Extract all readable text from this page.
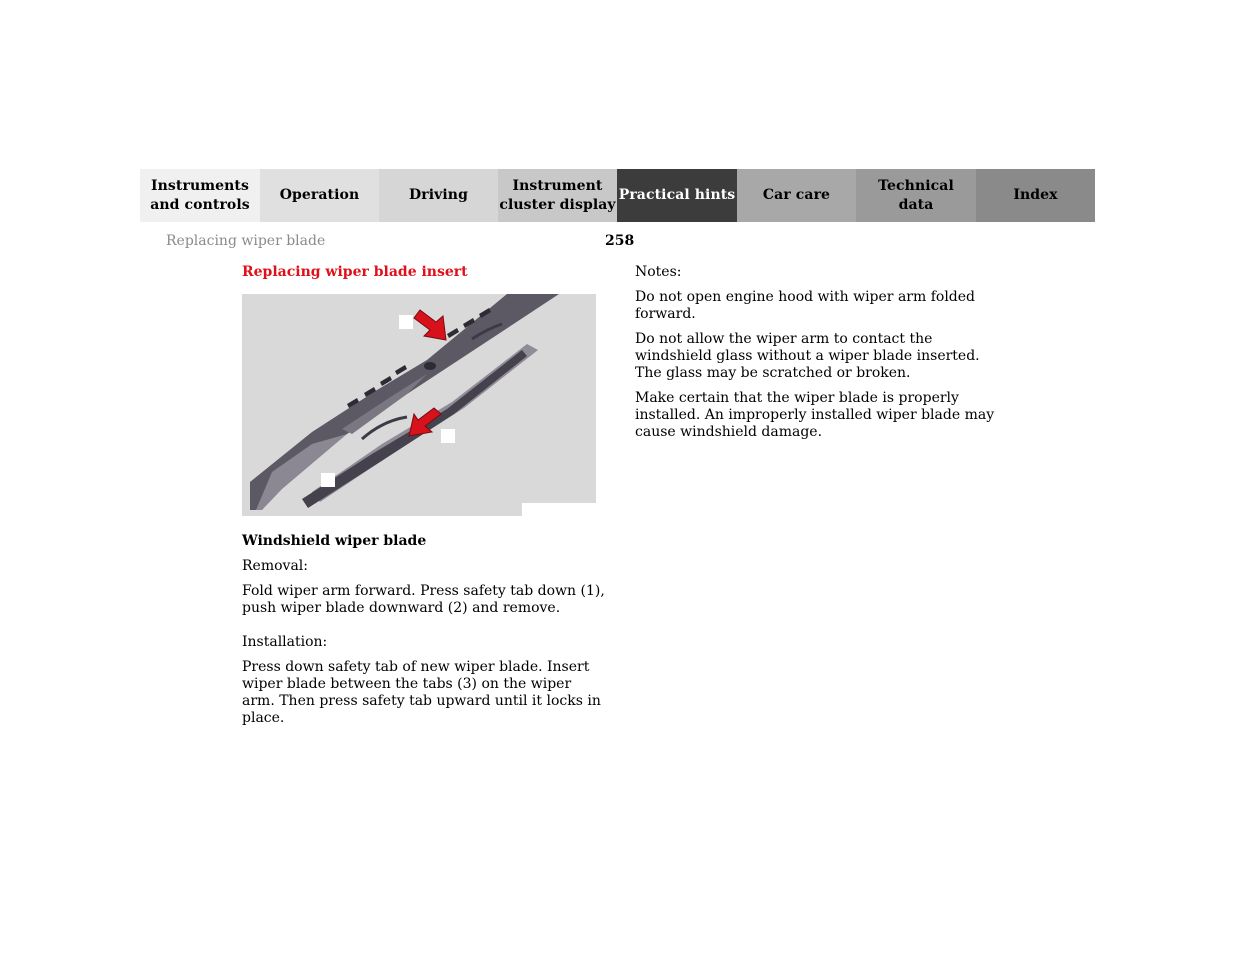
Instruments
and controls
Operation	Driving
Instrument
cluster display
Practical hints Car care
Technical
data
Index
Replacing wiper blade	258
Replacing wiper blade insert

Windshield wiper blade

Removal:

Fold wiper arm forward. Press safety tab down (1), push wiper blade downward (2) and remove.

Installation:

Press down safety tab of new wiper blade. Insert wiper blade between the tabs (3) on the wiper arm. Then press safety tab upward until it locks in place.

Notes:

Do not open engine hood with wiper arm folded forward.

Do not allow the wiper arm to contact the windshield glass without a wiper blade inserted. The glass may be scratched or broken.

Make certain that the wiper blade is properly installed. An improperly installed wiper blade may cause windshield damage.
